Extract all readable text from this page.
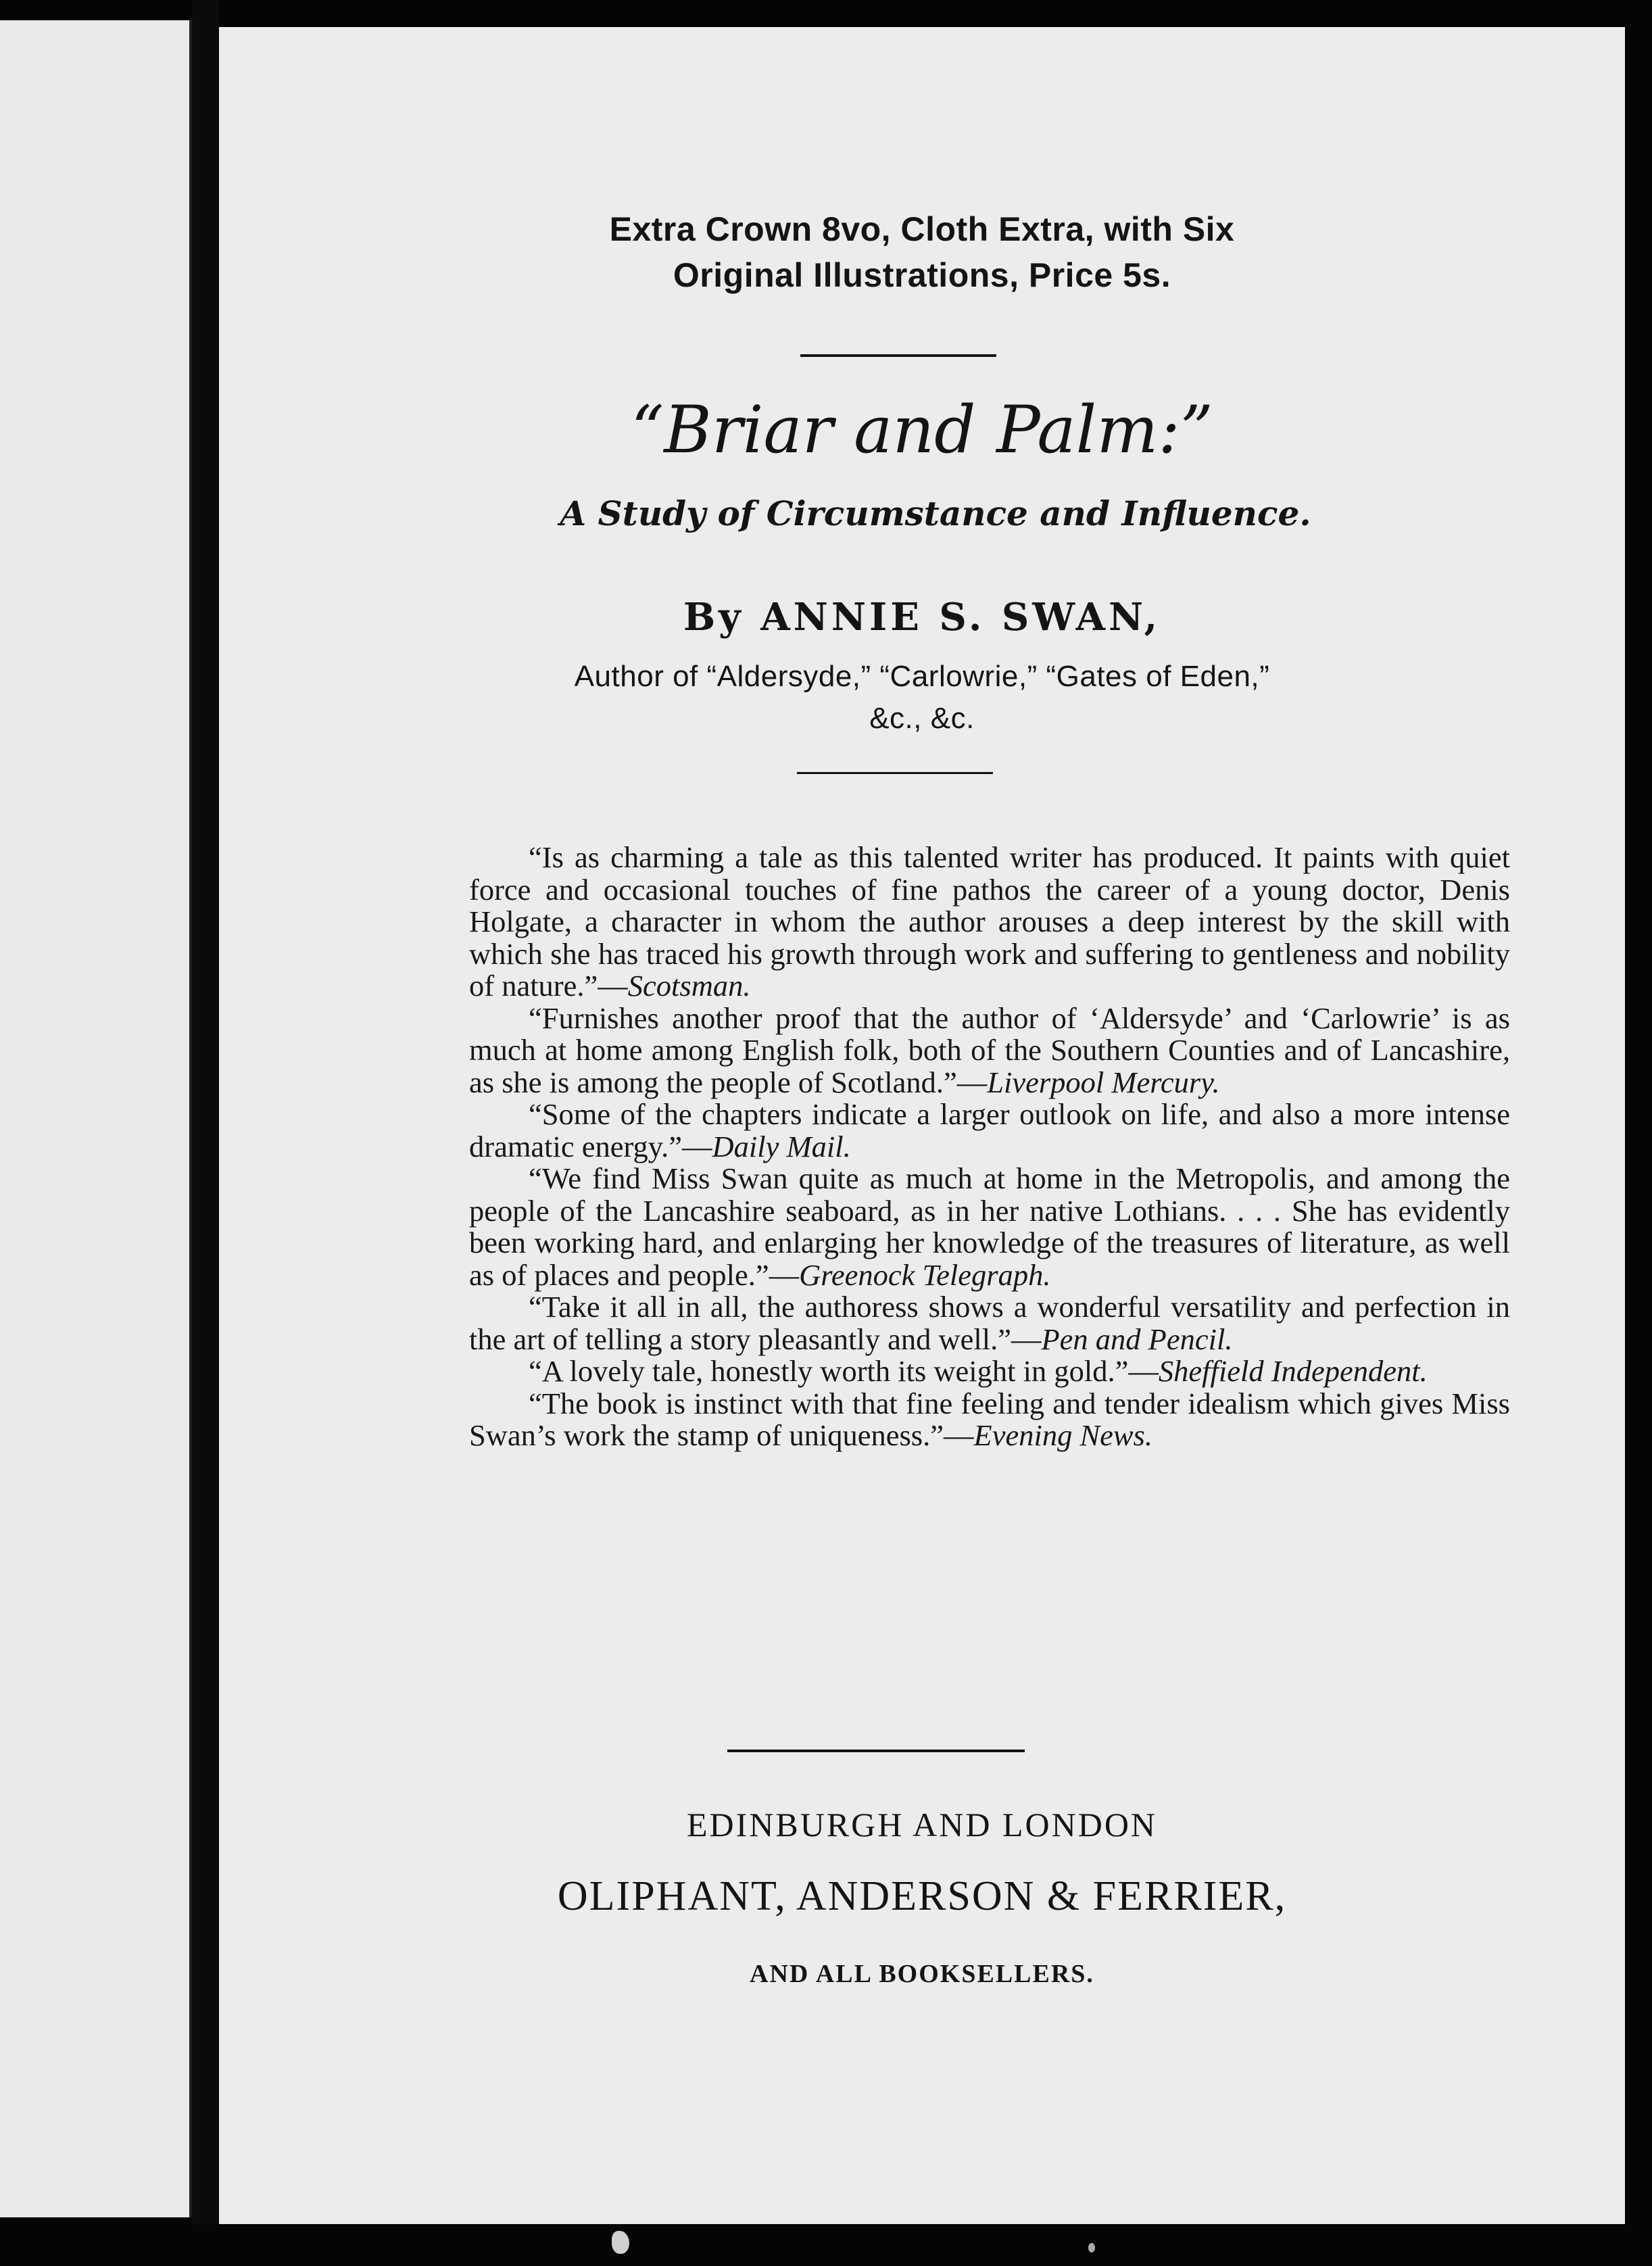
Extra Crown 8vo, Cloth Extra, with Six
Original Illustrations, Price 5s.
“Briar and Palm:”
A Study of Circumstance and Influence.
By ANNIE S. SWAN,
Author of “Aldersyde,” “Carlowrie,” “Gates of Eden,”
&c., &c.

“Is as charming a tale as this talented writer has produced. It paints with quiet force and occasional touches of fine pathos the career of a young doctor, Denis Holgate, a character in whom the author arouses a deep interest by the skill with which she has traced his growth through work and suffering to gentleness and nobility of nature.”—Scotsman.

“Furnishes another proof that the author of ‘Aldersyde’ and ‘Carlowrie’ is as much at home among English folk, both of the Southern Counties and of Lancashire, as she is among the people of Scotland.”—Liverpool Mercury.

“Some of the chapters indicate a larger outlook on life, and also a more intense dramatic energy.”—Daily Mail.

“We find Miss Swan quite as much at home in the Metropolis, and among the people of the Lancashire seaboard, as in her native Lothians. . . . She has evidently been working hard, and enlarging her knowledge of the treasures of literature, as well as of places and people.”—Greenock Telegraph.

“Take it all in all, the authoress shows a wonderful versatility and perfection in the art of telling a story pleasantly and well.”—Pen and Pencil.

“A lovely tale, honestly worth its weight in gold.”—Sheffield Independent.

“The book is instinct with that fine feeling and tender idealism which gives Miss Swan’s work the stamp of uniqueness.”—Evening News.

EDINBURGH AND LONDON
OLIPHANT, ANDERSON & FERRIER,
AND ALL BOOKSELLERS.
